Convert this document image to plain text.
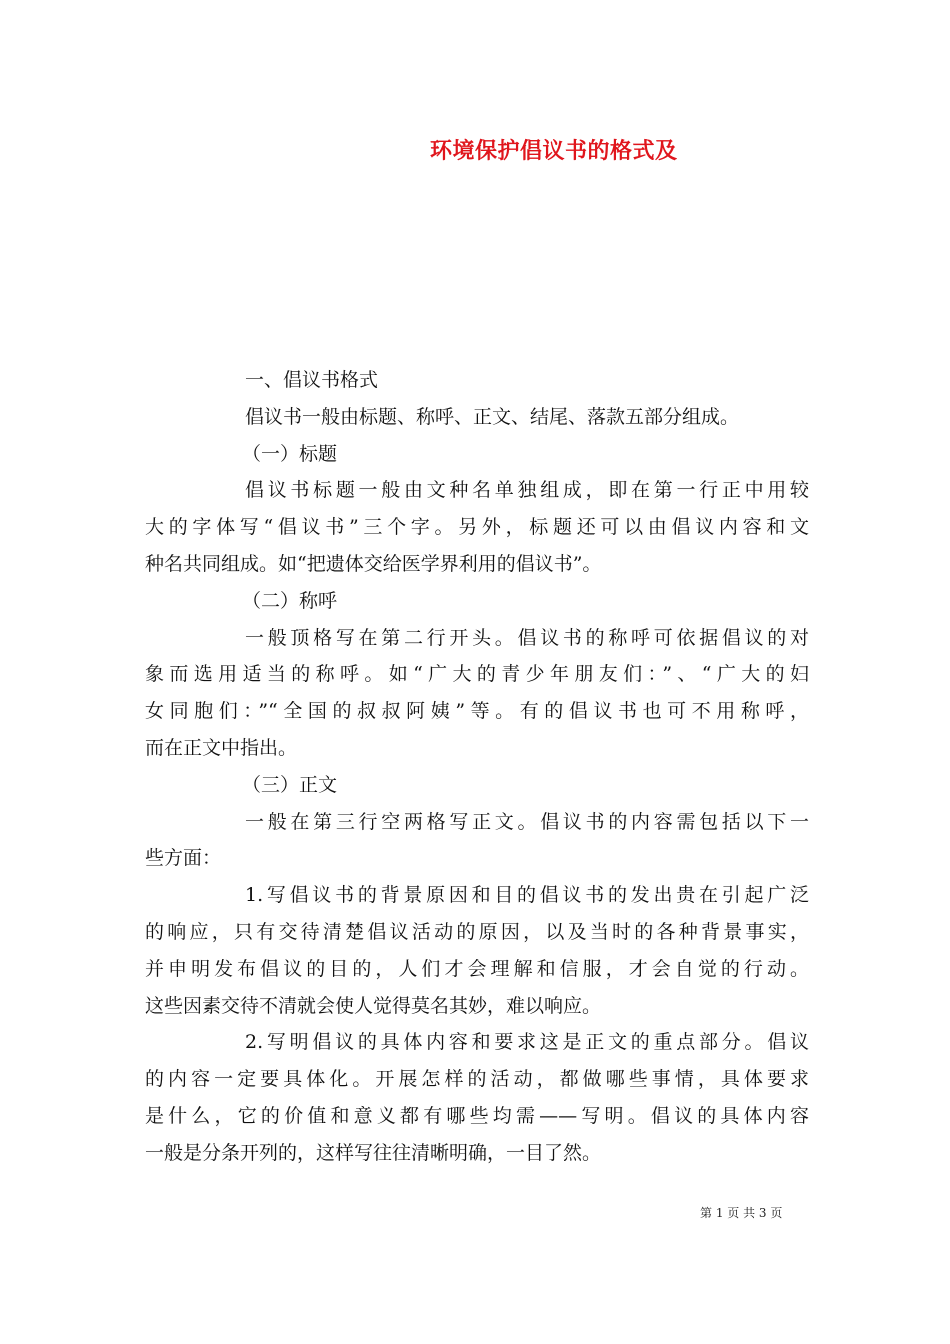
环境保护倡议书的格式及
一、倡议书格式
倡议书一般由标题、称呼、正文、结尾、落款五部分组成。
（一）标题
倡议书标题一般由文种名单独组成，即在第一行正中用较
大的字体写“倡议书”三个字。另外，标题还可以由倡议内容和文
种名共同组成。如“把遗体交给医学界利用的倡议书”。
（二）称呼
一般顶格写在第二行开头。倡议书的称呼可依据倡议的对
象而选用适当的称呼。如“广大的青少年朋友们：”、“广大的妇
女同胞们：”“全国的叔叔阿姨”等。有的倡议书也可不用称呼，
而在正文中指出。
（三）正文
一般在第三行空两格写正文。倡议书的内容需包括以下一
些方面：
1.写倡议书的背景原因和目的倡议书的发出贵在引起广泛
的响应，只有交待清楚倡议活动的原因，以及当时的各种背景事实，
并申明发布倡议的目的，人们才会理解和信服，才会自觉的行动。
这些因素交待不清就会使人觉得莫名其妙，难以响应。
2.写明倡议的具体内容和要求这是正文的重点部分。倡议
的内容一定要具体化。开展怎样的活动，都做哪些事情，具体要求
是什么，它的价值和意义都有哪些均需——写明。倡议的具体内容
一般是分条开列的，这样写往往清晰明确，一目了然。
第 1 页 共 3 页
